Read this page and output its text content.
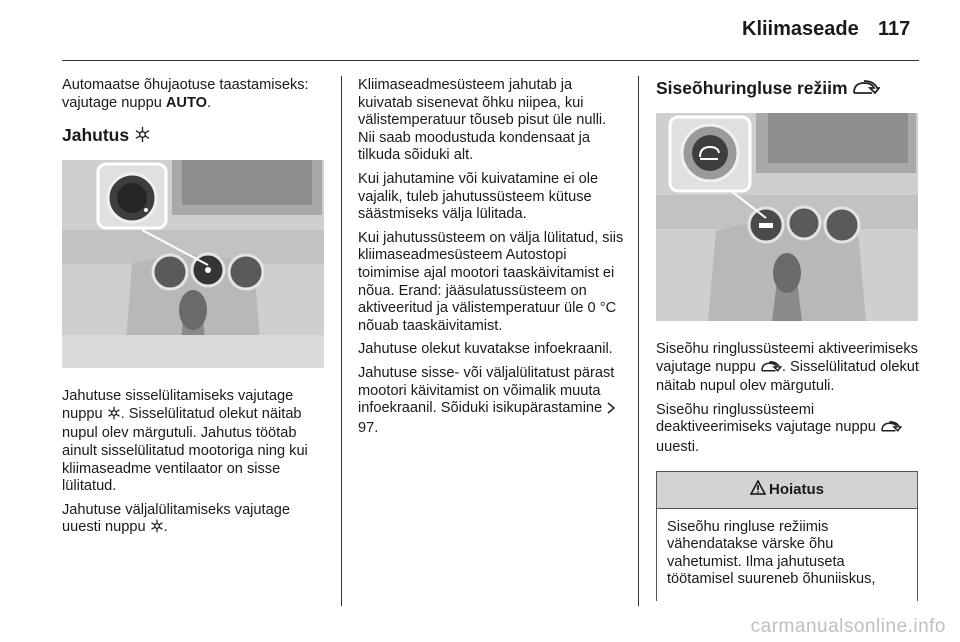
Kliimaseade 117

Automaatse õhujaotuse taastamiseks: vajutage nuppu AUTO.

Jahutus

Jahutuse sisselülitamiseks vajutage nuppu . Sisselülitatud olekut näitab nupul olev märgutuli. Jahutus töötab ainult sisselülitatud mootoriga ning kui kliimaseadme ventilaator on sisse lülitatud.

Jahutuse väljalülitamiseks vajutage uuesti nuppu .

Kliimaseadmesüsteem jahutab ja kuivatab sisenevat õhku niipea, kui välistemperatuur tõuseb pisut üle nulli. Nii saab moodustuda kondensaat ja tilkuda sõiduki alt.

Kui jahutamine või kuivatamine ei ole vajalik, tuleb jahutussüsteem kütuse säästmiseks välja lülitada.

Kui jahutussüsteem on välja lülitatud, siis kliimaseadmesüsteem Autostopi toimimise ajal mootori taaskäivitamist ei nõua. Erand: jääsulatussüsteem on aktiveeritud ja välistemperatuur üle 0 °C nõuab taaskäivitamist.

Jahutuse olekut kuvatakse infoekraanil.

Jahutuse sisse- või väljalülitatust pärast mootori käivitamist on võimalik muuta infoekraanil. Sõiduki isikupärastamine  97.

Siseõhuringluse režiim

Siseõhu ringlussüsteemi aktiveerimiseks vajutage nuppu . Sisselülitatud olekut näitab nupul olev märgutuli.

Siseõhu ringlussüsteemi deaktiveerimiseks vajutage nuppu  uuesti.

Hoiatus
Siseõhu ringluse režiimis vähendatakse värske õhu vahetumist. Ilma jahutuseta töötamisel suureneb õhuniiskus,
carmanualsonline.info
